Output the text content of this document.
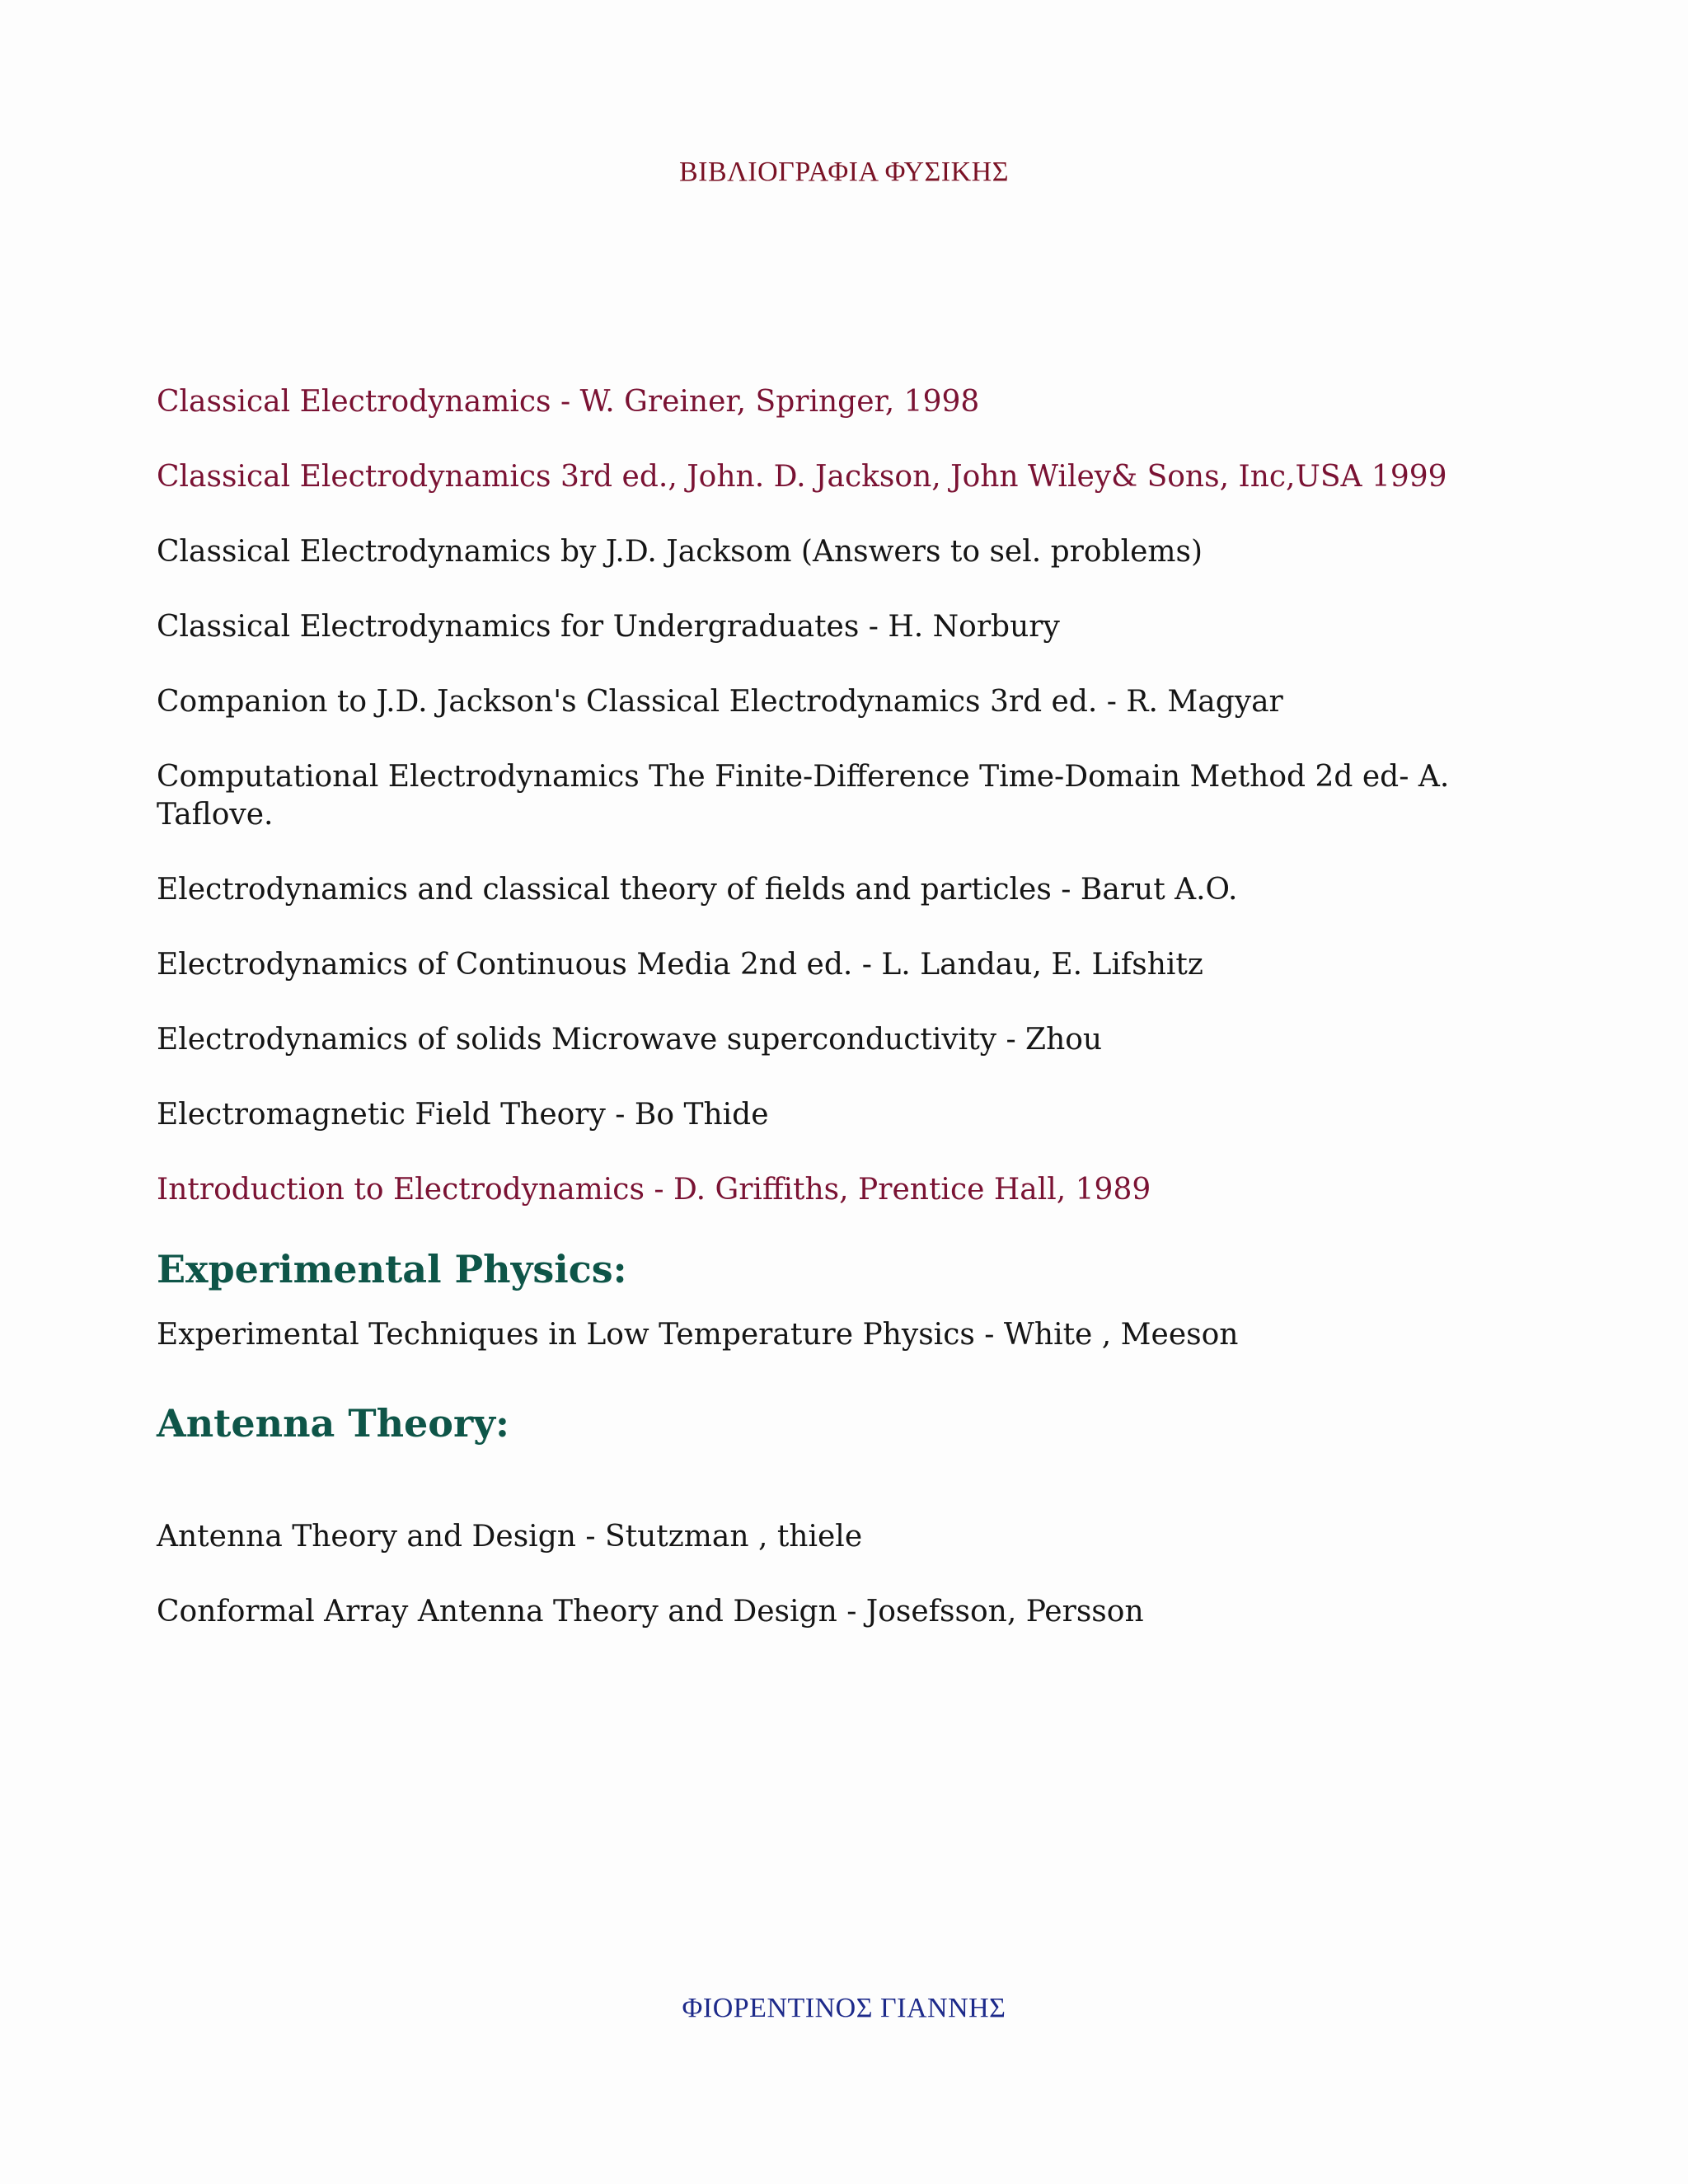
ΒΙΒΛΙΟΓΡΑΦΙΑ ΦΥΣΙΚΗΣ
Classical Electrodynamics - W. Greiner, Springer, 1998
Classical Electrodynamics 3rd ed., John. D. Jackson, John Wiley& Sons, Inc,USA 1999
Classical Electrodynamics by J.D. Jacksom (Answers to sel. problems)
Classical Electrodynamics for Undergraduates - H. Norbury
Companion to J.D. Jackson's Classical Electrodynamics 3rd ed. - R. Magyar
Computational Electrodynamics The Finite-Difference Time-Domain Method 2d ed- A. Taflove.
Electrodynamics and classical theory of fields and particles - Barut A.O.
Electrodynamics of Continuous Media 2nd ed. - L. Landau, E. Lifshitz
Electrodynamics of solids Microwave superconductivity - Zhou
Electromagnetic Field Theory - Bo Thide
Introduction to Electrodynamics - D. Griffiths, Prentice Hall, 1989
Experimental Physics:
Experimental Techniques in Low Temperature Physics - White , Meeson
Antenna Theory:
Antenna Theory and Design - Stutzman , thiele
Conformal Array Antenna Theory and Design - Josefsson, Persson
ΦΙΟΡΕΝΤΙΝΟΣ ΓΙΑΝΝΗΣ
